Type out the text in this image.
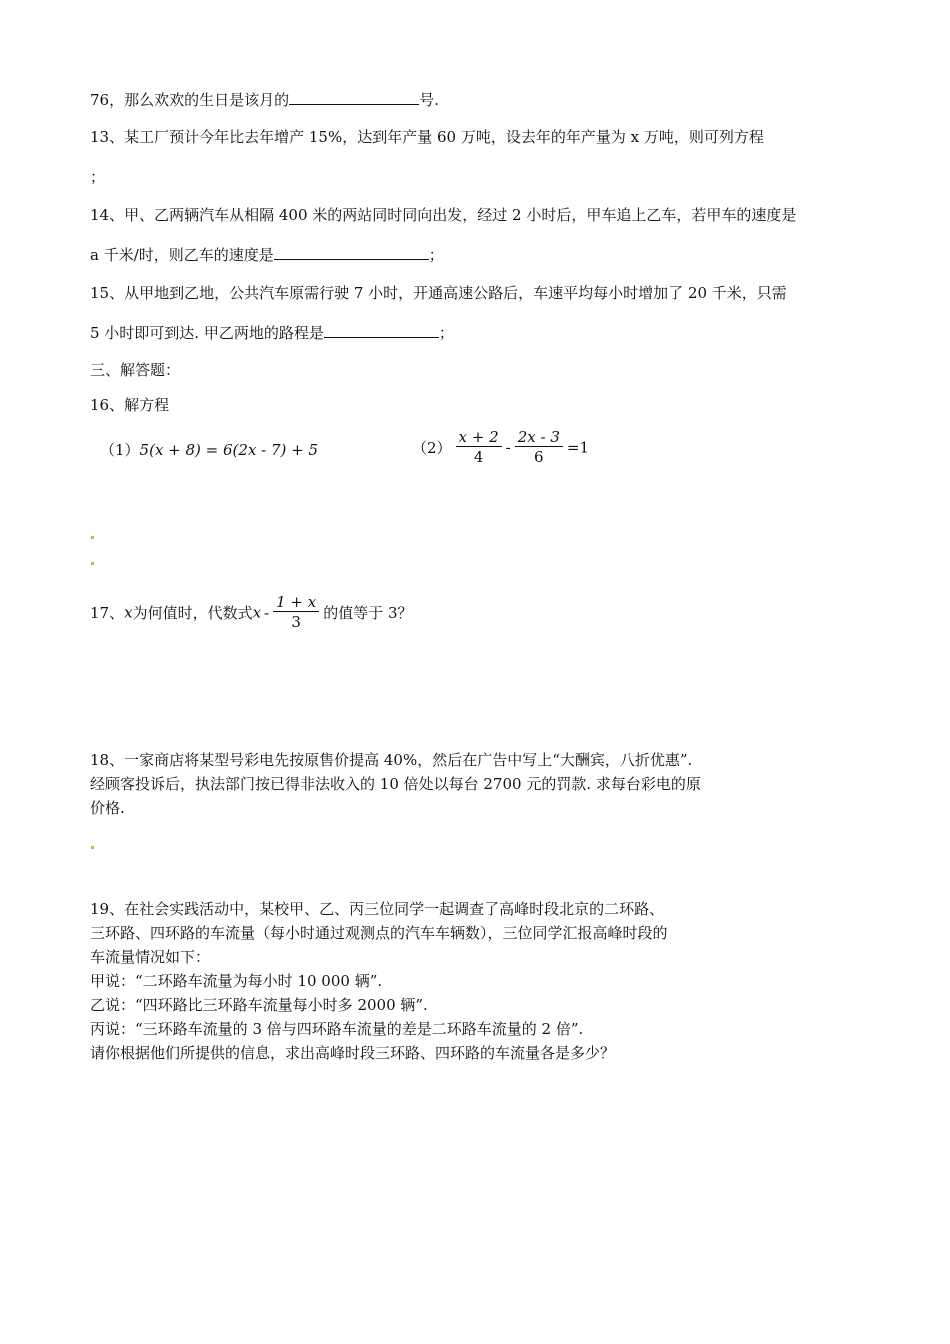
76，那么欢欢的生日是该月的	号.
13、某工厂预计今年比去年增产 15%，达到年产量 60 万吨，设去年的年产量为 x 万吨，则可列方程
；
14、甲、乙两辆汽车从相隔 400 米的两站同时同向出发，经过 2 小时后，甲车追上乙车，若甲车的速度是
a 千米/时，则乙车的速度是	；
15、从甲地到乙地，公共汽车原需行驶 7 小时，开通高速公路后，车速平均每小时增加了 20 千米，只需
5 小时即可到达. 甲乙两地的路程是	；
三、解答题：
16、解方程
（1）5(x + 8) = 6(2x - 7) + 5	$(2) \frac{x + 2}{4} - \frac{2x - 3}{6} =1$
17、x为何值时，代数式x - $\frac{1 + x}{3}$ 的值等于 3？
18、一家商店将某型号彩电先按原售价提高 40%，然后在广告中写上“大酬宾，八折优惠”.
经顾客投诉后，执法部门按已得非法收入的 10 倍处以每台 2700 元的罚款. 求每台彩电的原
价格.
19、在社会实践活动中，某校甲、乙、丙三位同学一起调查了高峰时段北京的二环路、
三环路、四环路的车流量（每小时通过观测点的汽车车辆数），三位同学汇报高峰时段的
车流量情况如下：
甲说：“二环路车流量为每小时 10 000 辆”.
乙说：“四环路比三环路车流量每小时多 2000 辆”.
丙说：“三环路车流量的 3 倍与四环路车流量的差是二环路车流量的 2 倍”.
请你根据他们所提供的信息，求出高峰时段三环路、四环路的车流量各是多少？
